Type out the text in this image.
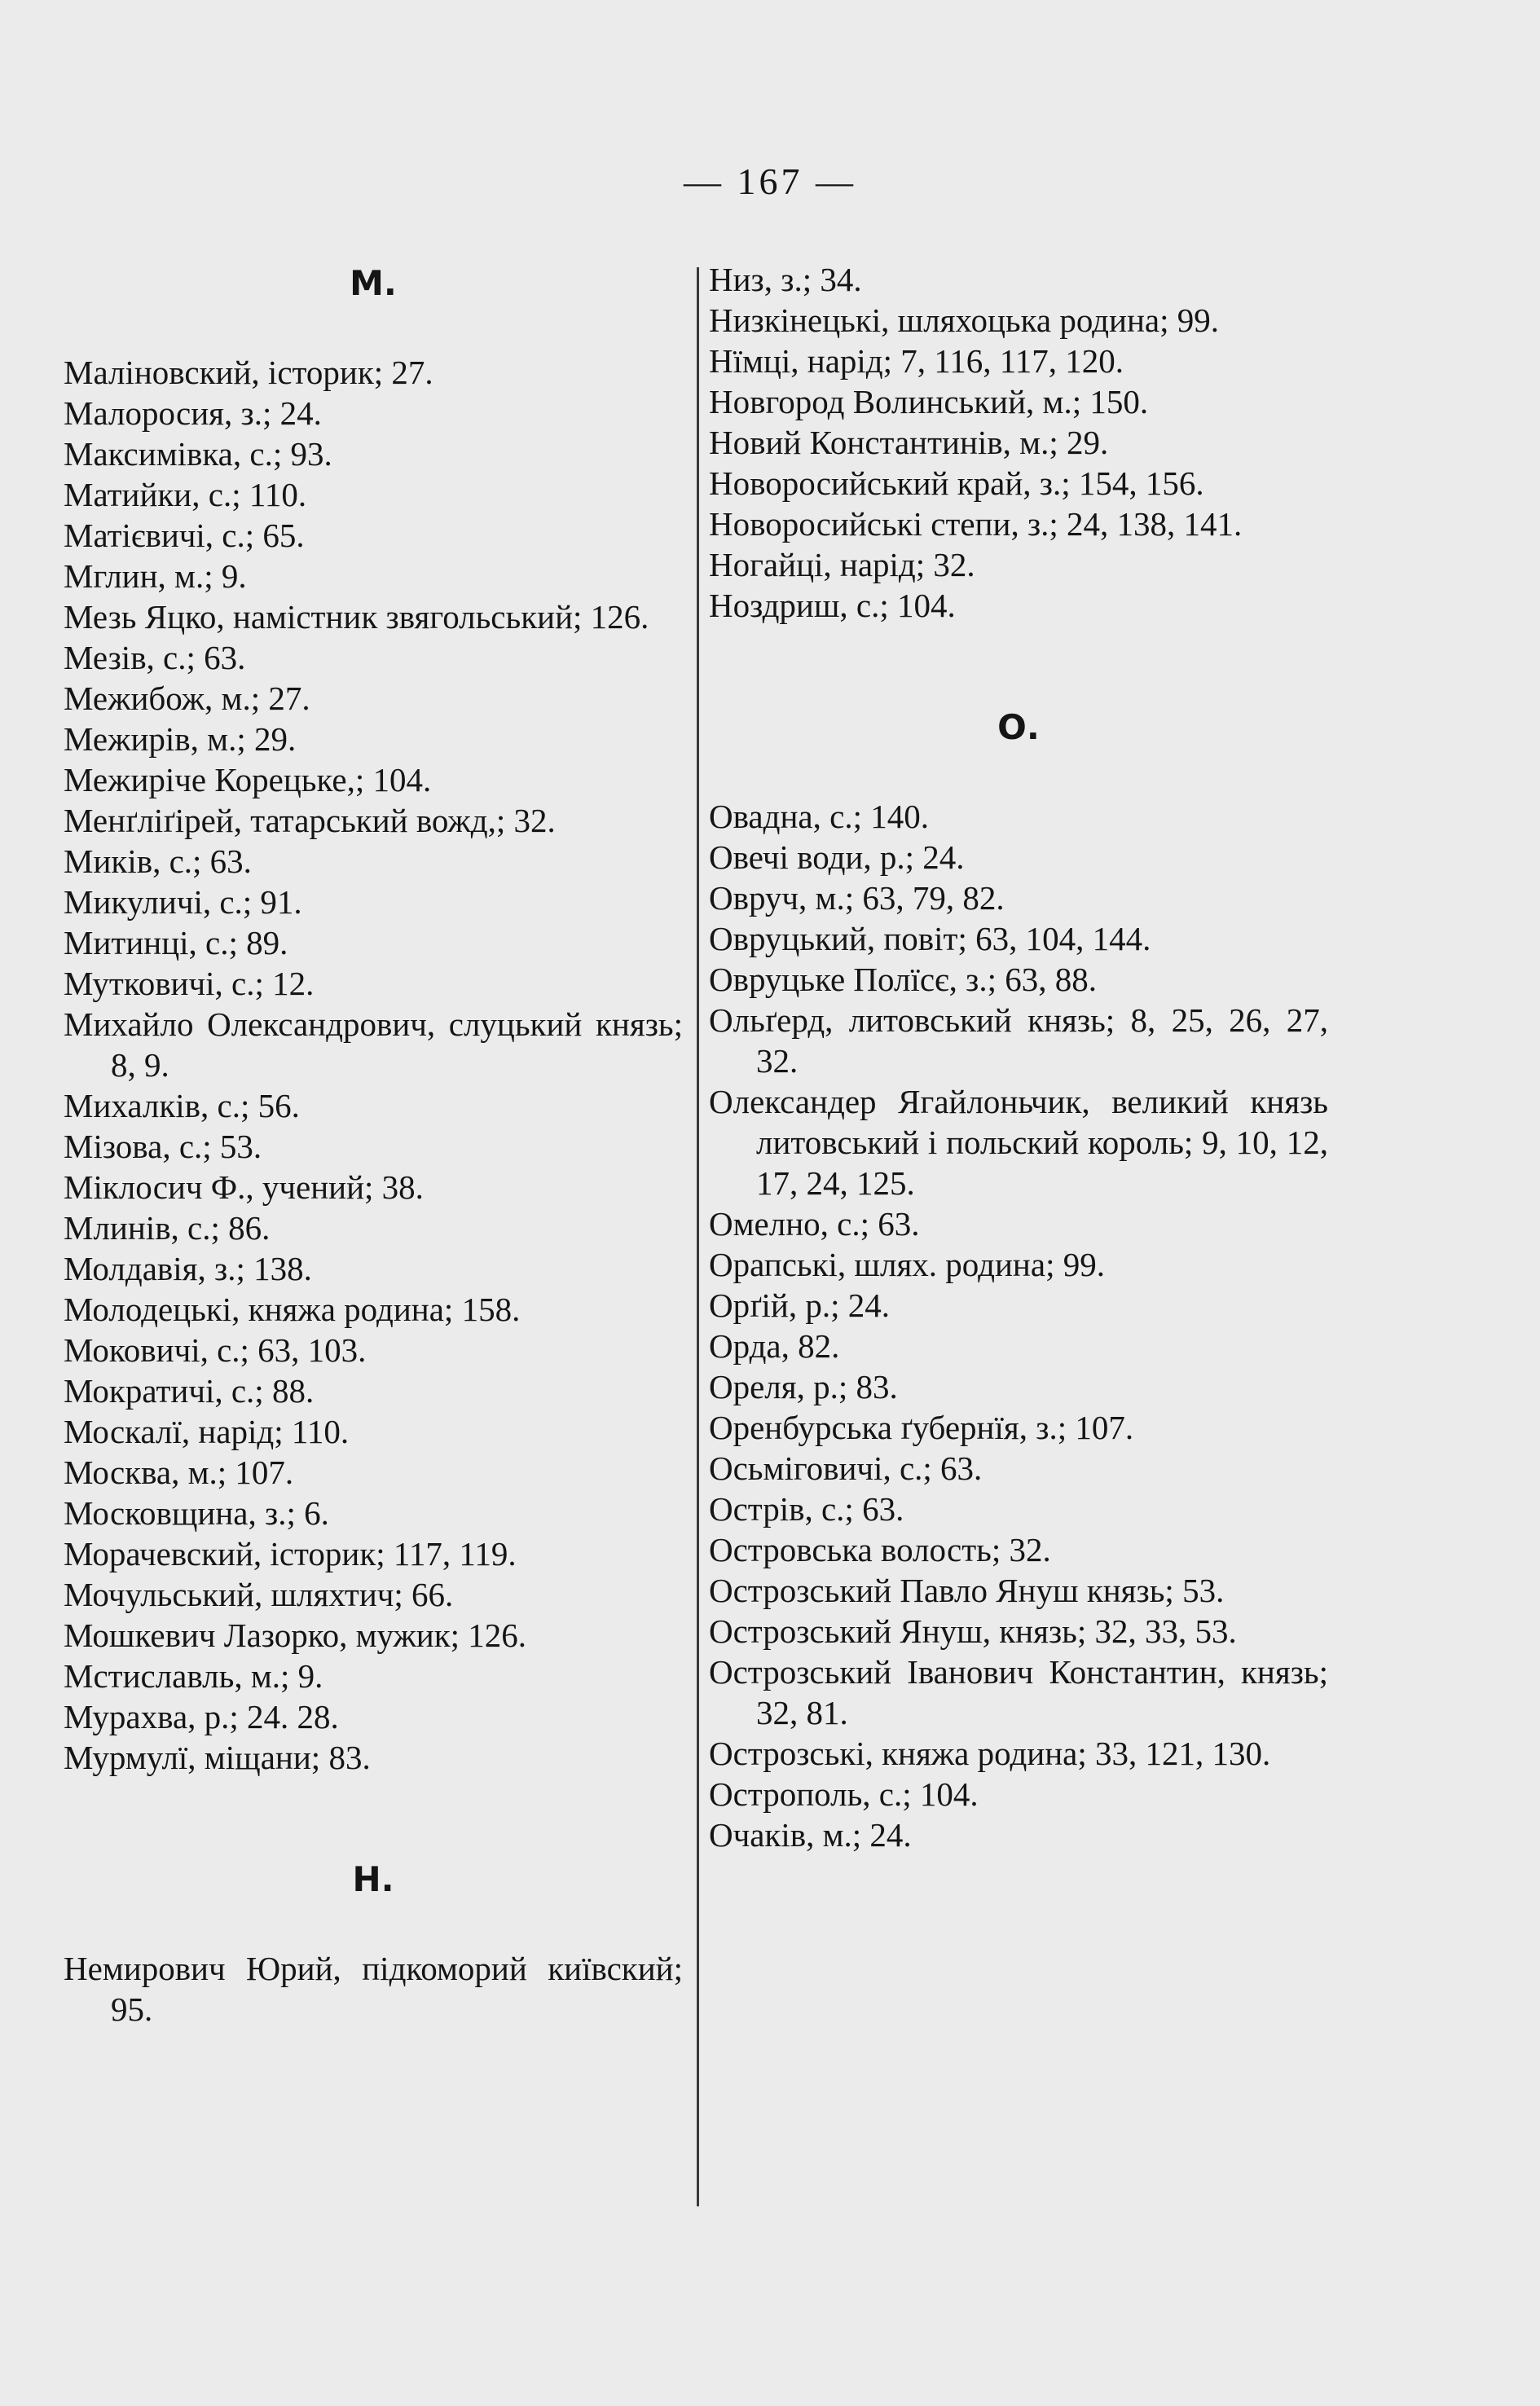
— 167 —
М.
Маліновский, історик; 27.
Малоросия, з.; 24.
Максимівка, с.; 93.
Матийки, с.; 110.
Матієвичі, с.; 65.
Мглин, м.; 9.
Мезь Яцко, намістник звягольський; 126.
Мезів, с.; 63.
Межибож, м.; 27.
Межирів, м.; 29.
Межиріче Корецьке,; 104.
Менґліґірей, татарський вожд,; 32.
Миків, с.; 63.
Микуличі, с.; 91.
Митинці, с.; 89.
Мутковичі, с.; 12.
Михайло Олександрович, слуцький князь; 8, 9.
Михалків, с.; 56.
Мізова, с.; 53.
Міклосич Ф., учений; 38.
Млинів, с.; 86.
Молдавія, з.; 138.
Молодецькі, княжа родина; 158.
Моковичі, с.; 63, 103.
Мократичі, с.; 88.
Москалї, нарід; 110.
Москва, м.; 107.
Московщина, з.; 6.
Морачевский, історик; 117, 119.
Мочульський, шляхтич; 66.
Мошкевич Лазорко, мужик; 126.
Мстиславль, м.; 9.
Мурахва, р.; 24. 28.
Мурмулї, міщани; 83.
Н.
Немирович Юрий, підкоморий київский; 95.
Низ, з.; 34.
Низкінецькі, шляхоцька родина; 99.
Нїмці, нарід; 7, 116, 117, 120.
Новгород Волинський, м.; 150.
Новий Константинів, м.; 29.
Новоросийський край, з.; 154, 156.
Новоросийські степи, з.; 24, 138, 141.
Ногайці, нарід; 32.
Ноздриш, с.; 104.
О.
Овадна, с.; 140.
Овечі води, р.; 24.
Овруч, м.; 63, 79, 82.
Овруцький, повіт; 63, 104, 144.
Овруцьке Полїсє, з.; 63, 88.
Ольґерд, литовський князь; 8, 25, 26, 27, 32.
Олександер Ягайлоньчик, великий князь литовський і польский король; 9, 10, 12, 17, 24, 125.
Омелно, с.; 63.
Орапські, шлях. родина; 99.
Орґій, р.; 24.
Орда, 82.
Ореля, р.; 83.
Оренбурська ґубернїя, з.; 107.
Осьміговичі, с.; 63.
Острів, с.; 63.
Островська волость; 32.
Острозський Павло Януш князь; 53.
Острозський Януш, князь; 32, 33, 53.
Острозський Іванович Константин, князь; 32, 81.
Острозські, княжа родина; 33, 121, 130.
Острополь, с.; 104.
Очаків, м.; 24.
